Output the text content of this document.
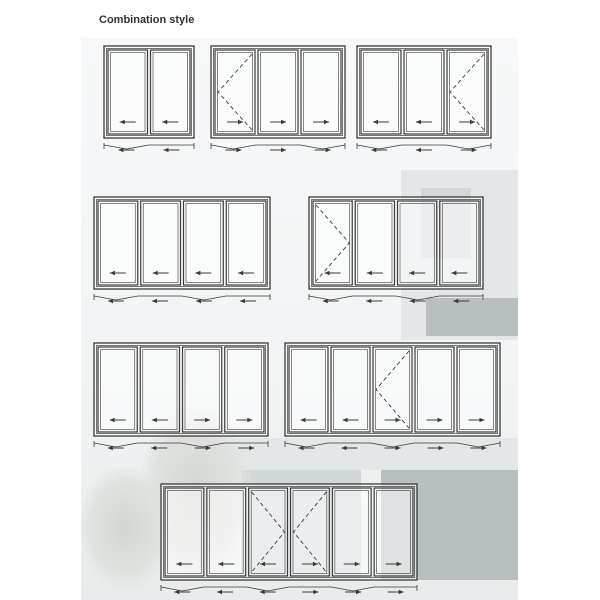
Combination style
